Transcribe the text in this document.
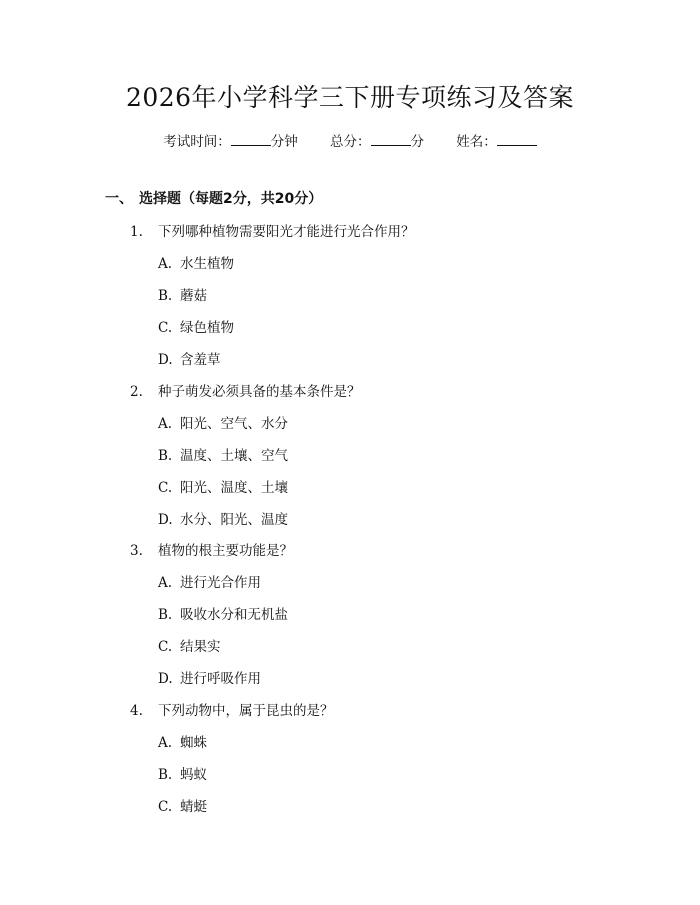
2026年小学科学三下册专项练习及答案
考试时间：	分钟 总分：	分 姓名：
一、 选择题（每题2分，共20分）
1. 下列哪种植物需要阳光才能进行光合作用？
A. 水生植物
B. 蘑菇
C. 绿色植物
D. 含羞草
2. 种子萌发必须具备的基本条件是？
A. 阳光、空气、水分
B. 温度、土壤、空气
C. 阳光、温度、土壤
D. 水分、阳光、温度
3. 植物的根主要功能是？
A. 进行光合作用
B. 吸收水分和无机盐
C. 结果实
D. 进行呼吸作用
4. 下列动物中，属于昆虫的是？
A. 蜘蛛
B. 蚂蚁
C. 蜻蜓
